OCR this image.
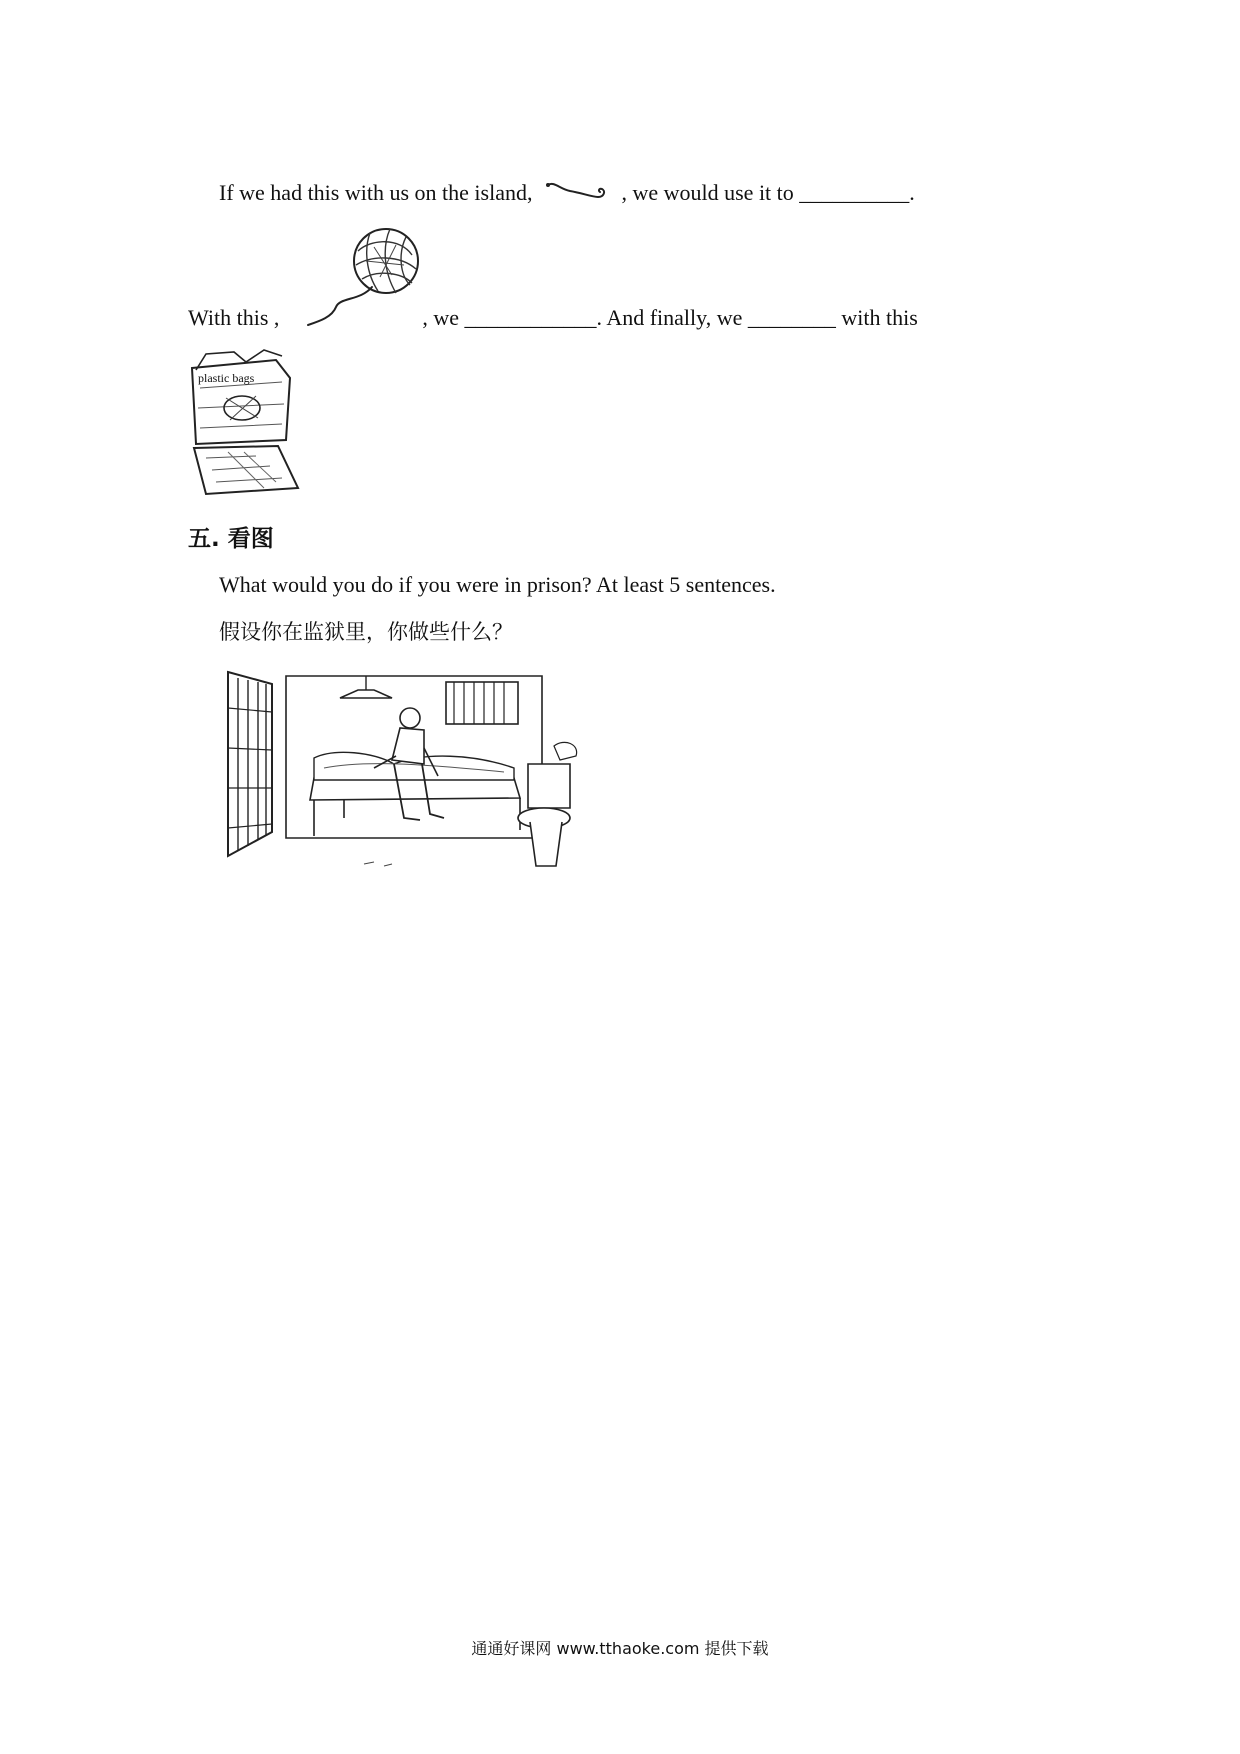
If we had this with us on the island,	, we would use it to __________.
With this ,	, we ____________. And finally, we ________ with this
plastic bags
五. 看图
What would you do if you were in prison? At least 5 sentences.
假设你在监狱里，你做些什么？
通通好课网 www.tthaoke.com 提供下载
